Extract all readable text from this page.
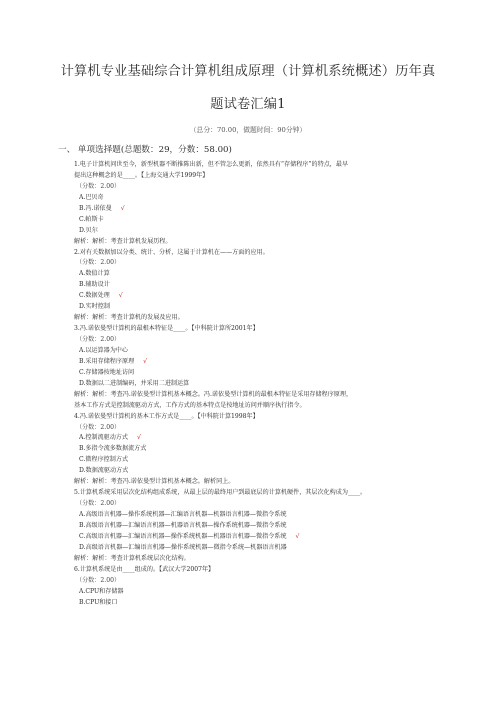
计算机专业基础综合计算机组成原理（计算机系统概述）历年真
题试卷汇编1
（总分：70.00，做题时间：90分钟）
一、 单项选择题(总题数：29，分数：58.00)
1.电子计算机问世至今，新型机器不断推陈出新，但不管怎么更新，依然具有“存储程序”的特点，最早
提出这种概念的是____。【上海交通大学1999年】
（分数：2.00）
A.巴贝奇
B.冯.诺依曼 √
C.帕斯卡
D.贝尔
解析：解析：考查计算机发展历程。
2.对有关数据加以分类、统计、分析，这属于计算机在——方面的应用。
（分数：2.00）
A.数值计算
B.辅助设计
C.数据处理 √
D.实时控制
解析：解析：考查计算机的发展及应用。
3.冯.诺依曼型计算机的最根本特征是____。【中科院计算所2001年】
（分数：2.00）
A.以运算器为中心
B.采用存储程序原理 √
C.存储器按地址访问
D.数据以二进制编码，并采用二进制运算
解析：解析：考查冯.诺依曼型计算机基本概念。冯.诺依曼型计算机的最根本特征是采用存储程序原理，
基本工作方式是控制流驱动方式，工作方式的基本特点是按地址访问并顺序执行指令。
4.冯.诺依曼型计算机的基本工作方式是____。【中科院计算1998年】
（分数：2.00）
A.控制流驱动方式 √
B.多指令流多数据流方式
C.微程序控制方式
D.数据流驱动方式
解析：解析：考查冯.诺依曼型计算机基本概念。解析同上。
5.计算机系统采用层次化结构组成系统，从最上层的最终用户到最底层的计算机硬件，其层次化构成为____。
（分数：2.00）
A.高级语言机器—操作系统机器—汇编语言机器—机器语言机器—微指令系统
B.高级语言机器—汇编语言机器—机器语言机器—操作系统机器—微指令系统
C.高级语言机器—汇编语言机器—操作系统机器—机器语言机器—微指令系统 √
D.高级语言机器—汇编语言机器—操作系统机器—微指令系统—机器语言机器
解析：解析：考查计算机系统层次化结构。
6.计算机系统是由____组成的。【武汉大学2007年】
（分数：2.00）
A.CPU和存储器
B.CPU和接口
